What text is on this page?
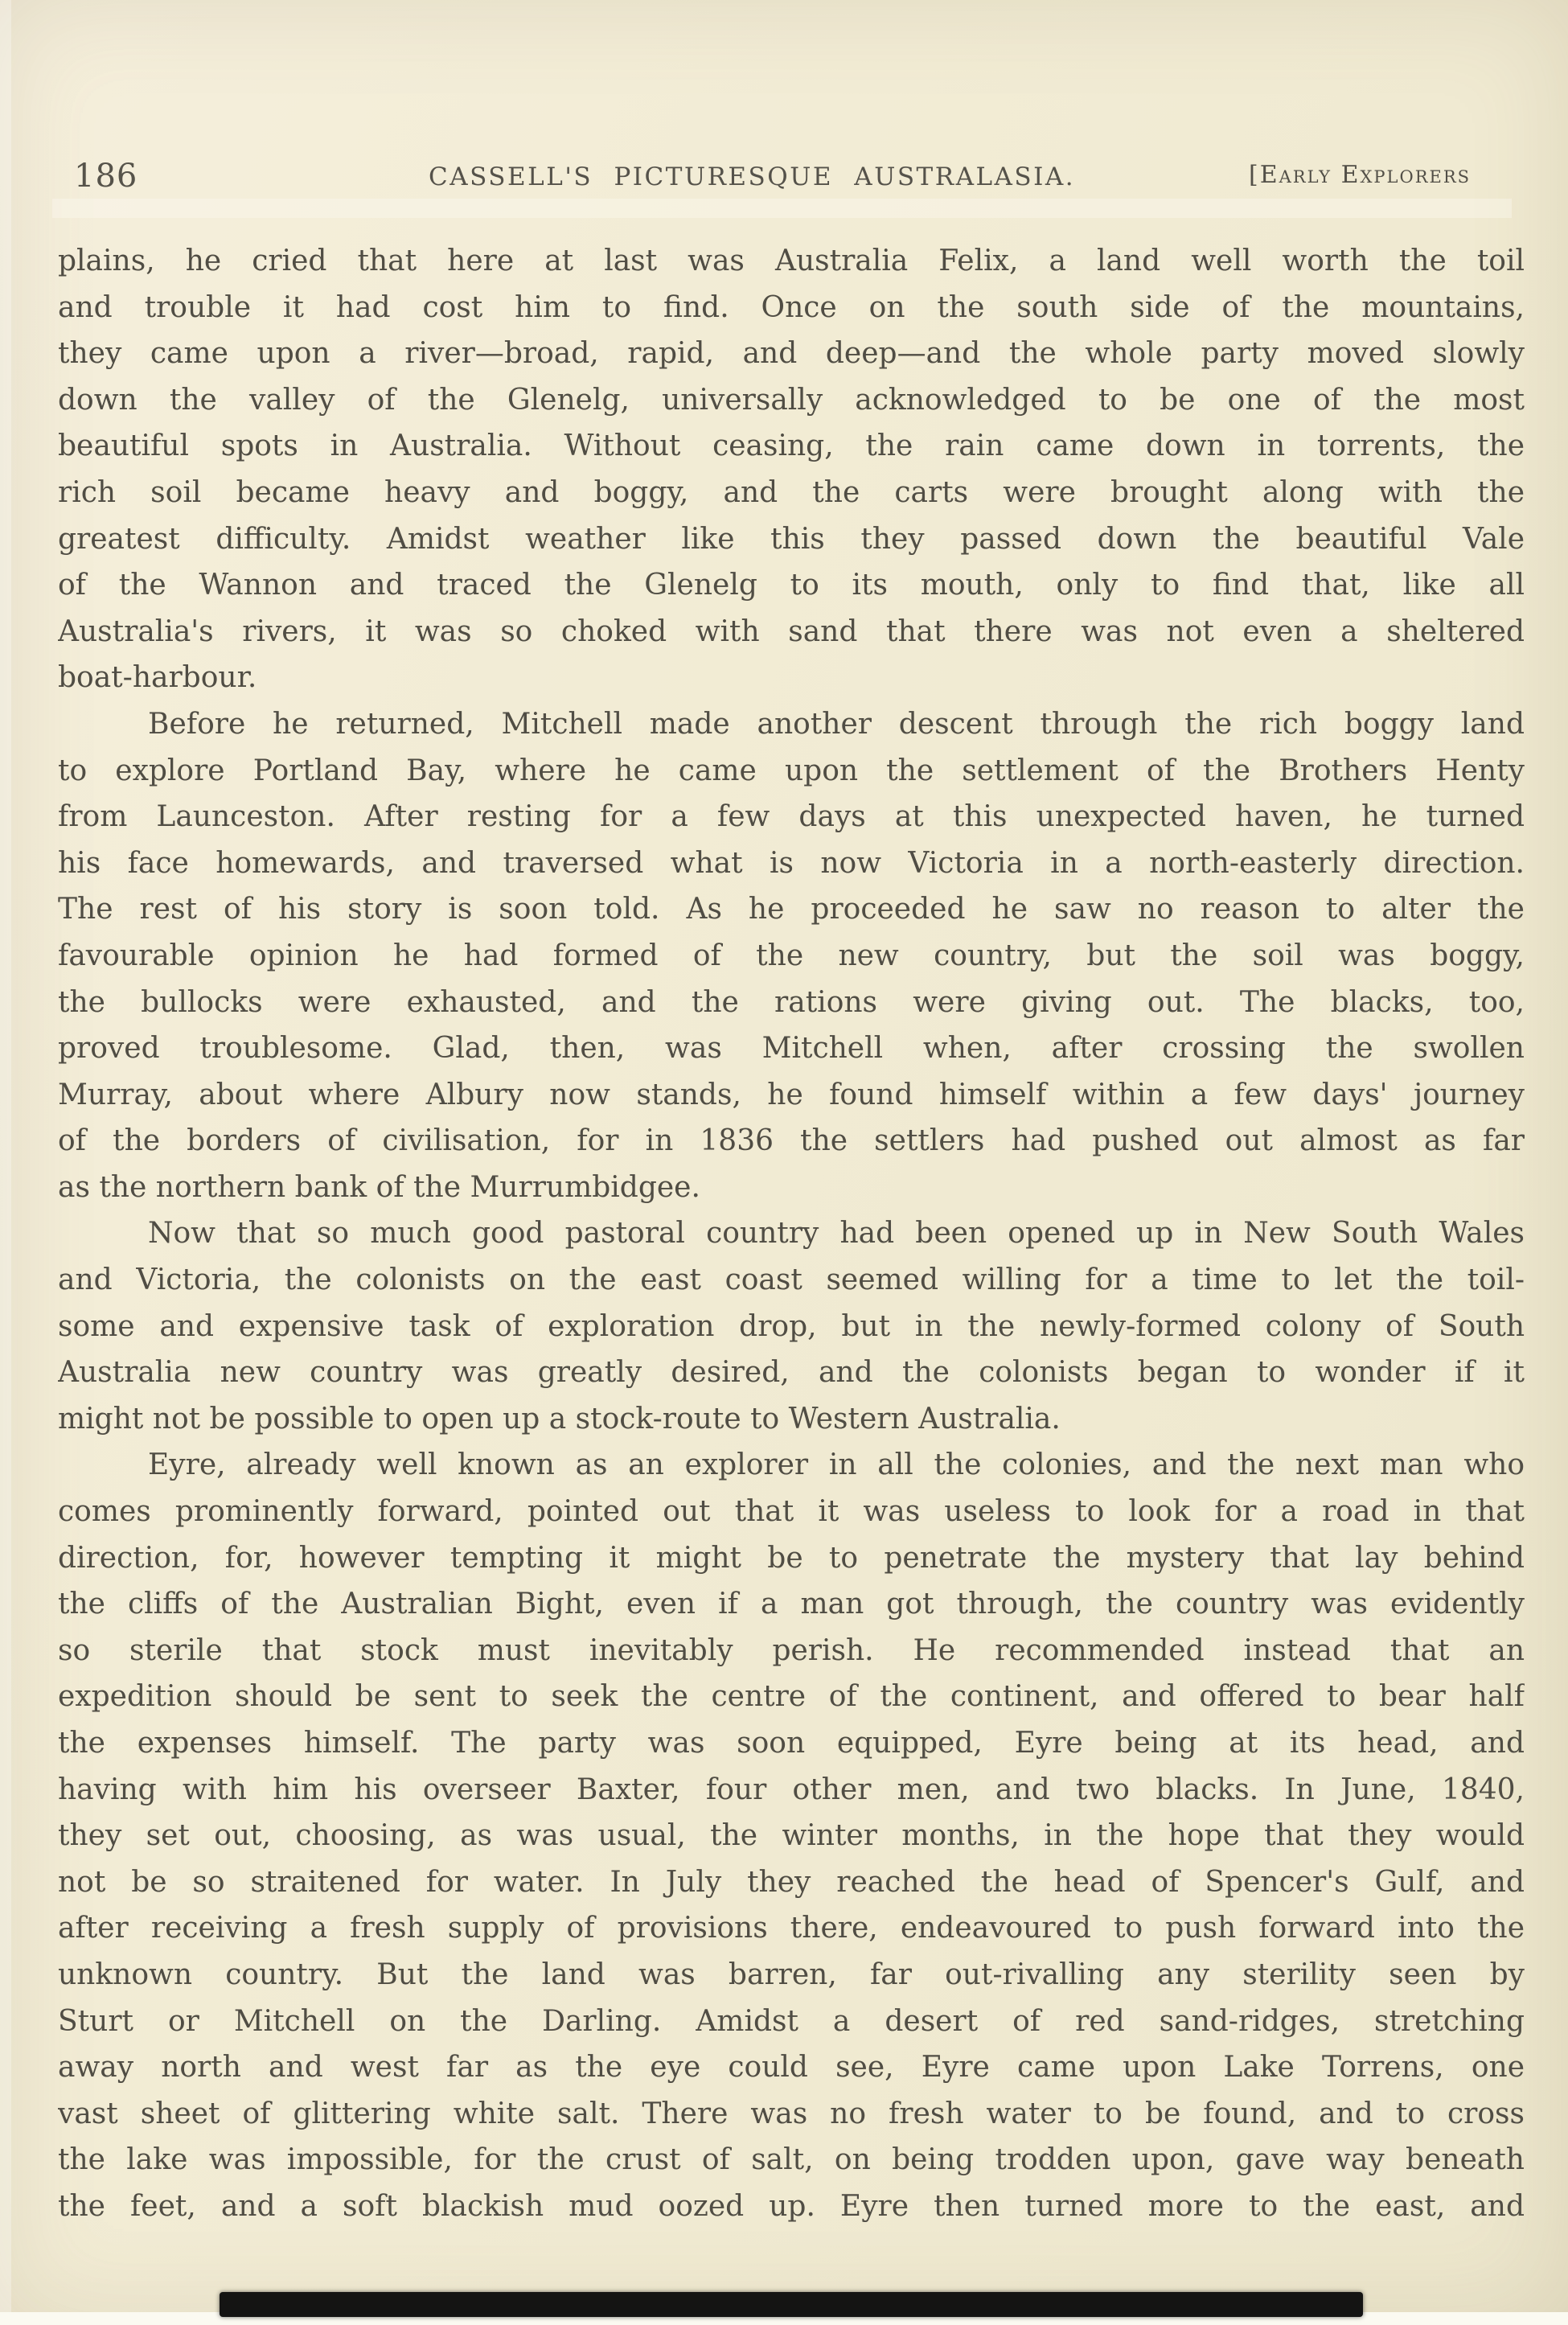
186	CASSELL'S PICTURESQUE AUSTRALASIA.	[Early Explorers

plains, he cried that here at last was Australia Felix, a land well worth the toil
and trouble it had cost him to find. Once on the south side of the mountains,
they came upon a river—broad, rapid, and deep—and the whole party moved slowly
down the valley of the Glenelg, universally acknowledged to be one of the most
beautiful spots in Australia. Without ceasing, the rain came down in torrents, the
rich soil became heavy and boggy, and the carts were brought along with the
greatest difficulty. Amidst weather like this they passed down the beautiful Vale
of the Wannon and traced the Glenelg to its mouth, only to find that, like all
Australia's rivers, it was so choked with sand that there was not even a sheltered
boat-harbour.

Before he returned, Mitchell made another descent through the rich boggy land
to explore Portland Bay, where he came upon the settlement of the Brothers Henty
from Launceston. After resting for a few days at this unexpected haven, he turned
his face homewards, and traversed what is now Victoria in a north-easterly direction.
The rest of his story is soon told. As he proceeded he saw no reason to alter the
favourable opinion he had formed of the new country, but the soil was boggy,
the bullocks were exhausted, and the rations were giving out. The blacks, too,
proved troublesome. Glad, then, was Mitchell when, after crossing the swollen
Murray, about where Albury now stands, he found himself within a few days' journey
of the borders of civilisation, for in 1836 the settlers had pushed out almost as far
as the northern bank of the Murrumbidgee.

Now that so much good pastoral country had been opened up in New South Wales
and Victoria, the colonists on the east coast seemed willing for a time to let the toil-
some and expensive task of exploration drop, but in the newly-formed colony of South
Australia new country was greatly desired, and the colonists began to wonder if it
might not be possible to open up a stock-route to Western Australia.

Eyre, already well known as an explorer in all the colonies, and the next man who
comes prominently forward, pointed out that it was useless to look for a road in that
direction, for, however tempting it might be to penetrate the mystery that lay behind
the cliffs of the Australian Bight, even if a man got through, the country was evidently
so sterile that stock must inevitably perish. He recommended instead that an
expedition should be sent to seek the centre of the continent, and offered to bear half
the expenses himself. The party was soon equipped, Eyre being at its head, and
having with him his overseer Baxter, four other men, and two blacks. In June, 1840,
they set out, choosing, as was usual, the winter months, in the hope that they would
not be so straitened for water. In July they reached the head of Spencer's Gulf, and
after receiving a fresh supply of provisions there, endeavoured to push forward into the
unknown country. But the land was barren, far out-rivalling any sterility seen by
Sturt or Mitchell on the Darling. Amidst a desert of red sand-ridges, stretching
away north and west far as the eye could see, Eyre came upon Lake Torrens, one
vast sheet of glittering white salt. There was no fresh water to be found, and to cross
the lake was impossible, for the crust of salt, on being trodden upon, gave way beneath
the feet, and a soft blackish mud oozed up. Eyre then turned more to the east, and
